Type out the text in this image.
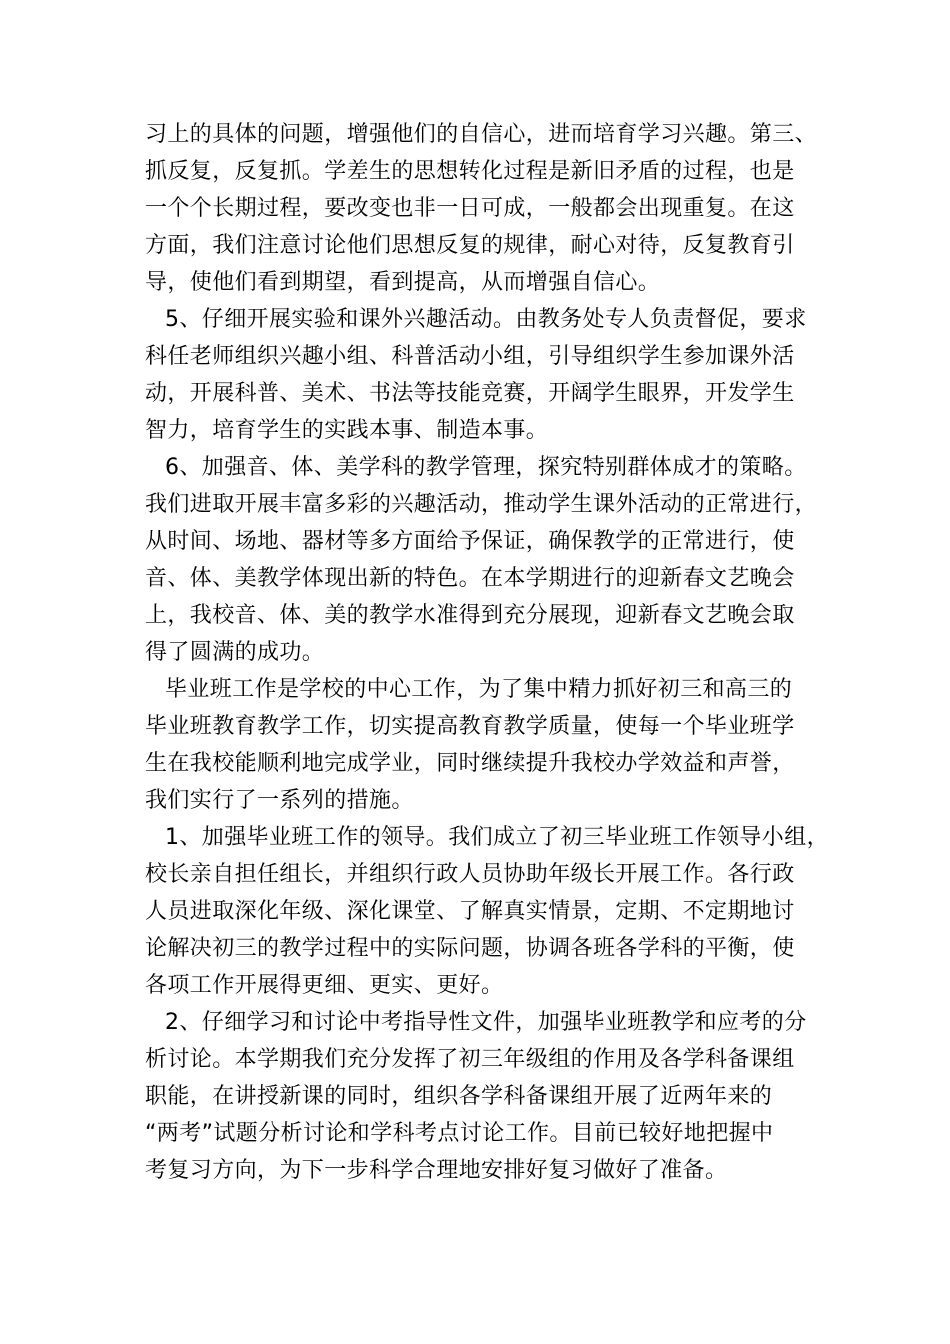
习上的具体的问题，增强他们的自信心，进而培育学习兴趣。第三、
抓反复，反复抓。学差生的思想转化过程是新旧矛盾的过程，也是
一个个长期过程，要改变也非一日可成，一般都会出现重复。在这
方面，我们注意讨论他们思想反复的规律，耐心对待，反复教育引
导，使他们看到期望，看到提高，从而增强自信心。
5、仔细开展实验和课外兴趣活动。由教务处专人负责督促，要求
科任老师组织兴趣小组、科普活动小组，引导组织学生参加课外活
动，开展科普、美术、书法等技能竞赛，开阔学生眼界，开发学生
智力，培育学生的实践本事、制造本事。
6、加强音、体、美学科的教学管理，探究特别群体成才的策略。
我们进取开展丰富多彩的兴趣活动，推动学生课外活动的正常进行，
从时间、场地、器材等多方面给予保证，确保教学的正常进行，使
音、体、美教学体现出新的特色。在本学期进行的迎新春文艺晚会
上，我校音、体、美的教学水准得到充分展现，迎新春文艺晚会取
得了圆满的成功。
毕业班工作是学校的中心工作，为了集中精力抓好初三和高三的
毕业班教育教学工作，切实提高教育教学质量，使每一个毕业班学
生在我校能顺利地完成学业，同时继续提升我校办学效益和声誉，
我们实行了一系列的措施。
1、加强毕业班工作的领导。我们成立了初三毕业班工作领导小组，
校长亲自担任组长，并组织行政人员协助年级长开展工作。各行政
人员进取深化年级、深化课堂、了解真实情景，定期、不定期地讨
论解决初三的教学过程中的实际问题，协调各班各学科的平衡，使
各项工作开展得更细、更实、更好。
2、仔细学习和讨论中考指导性文件，加强毕业班教学和应考的分
析讨论。本学期我们充分发挥了初三年级组的作用及各学科备课组
职能，在讲授新课的同时，组织各学科备课组开展了近两年来的
“两考”试题分析讨论和学科考点讨论工作。目前已较好地把握中
考复习方向，为下一步科学合理地安排好复习做好了准备。
